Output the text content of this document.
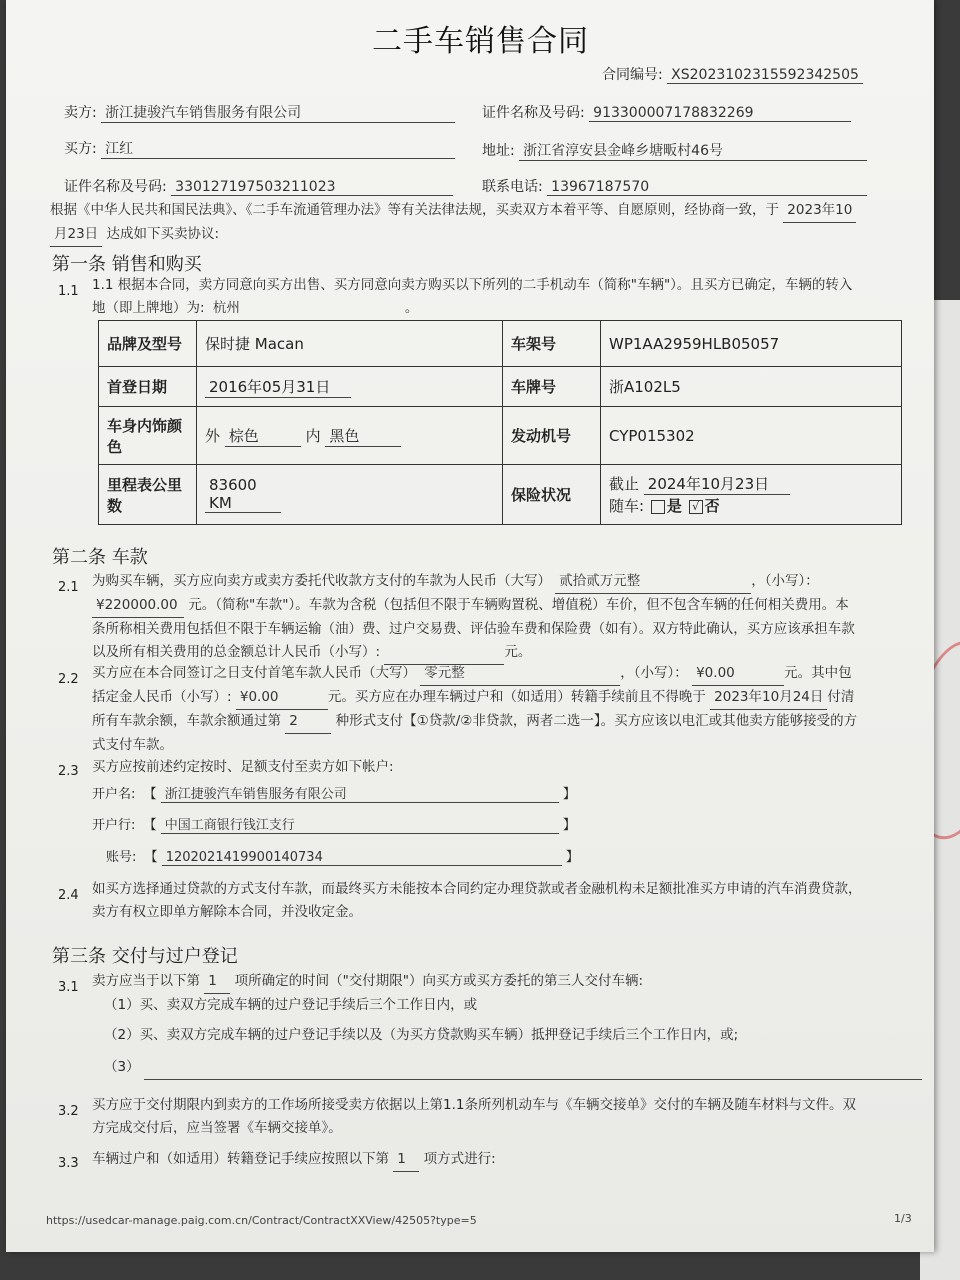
二手车销售合同
合同编号: XS20231023155923425​05
卖方: 浙江捷骏汽车销售服务有限公司	证件名称及号码: 913300007178832269
买方: 江红	地址: 浙江省淳安县金峰乡塘畈村46号
证件名称及号码: 330127197503211023	联系电话: 13967187570
根据《中华人民共和国民法典》、《二手车流通管理办法》等有关法律法规，买卖双方本着平等、自愿原则，经协商一致，于 2023年10
月23日 达成如下买卖协议:
第一条 销售和购买
1.1 1.1 根据本合同，卖方同意向买方出售、买方同意向卖方购买以下所列的二手机动车（简称"车辆"）。且买方已确定，车辆的转入
地（即上牌地）为: 杭州	。
品牌及型号	保时捷 Macan	车架号	WP1AA2959HLB05057
首登日期	2016年05月31日	车牌号	浙A102L5
车身内饰颜色	外 棕色 内 黑色	发动机号	CYP015302
里程表公里数	83600 KM	保险状况	截止 2024年10月23日
随车: 是 √ 否
第二条 车款
2.1 为购买车辆，买方应向卖方或卖方委托代收款方支付的车款为人民币（大写） 贰拾贰万元整	，（小写）：
¥220000.00 元。（简称"车款"）。车款为含税（包括但不限于车辆购置税、增值税）车价，但不包含车辆的任何相关费用。本
条所称相关费用包括但不限于车辆运输（油）费、过户交易费、评估验车费和保险费（如有）。双方特此确认，买方应该承担车款
以及所有相关费用的总金额总计人民币（小写）:	元。
2.2 买方应在本合同签订之日支付首笔车款人民币（大写） 零元整	，（小写）： ¥0.00	元。其中包
括定金人民币（小写）: ¥0.00	元。买方应在办理车辆过户和（如适用）转籍手续前且不得晚于 2023年10月24日 付清
所有车款余额，车款余额通过第 2	种形式支付【①贷款/②非贷款，两者二选一】。买方应该以电汇或其他卖方能够接受的方
式支付车款。
2.3 买方应按前述约定按时、足额支付至卖方如下帐户:
开户名: 【 浙江捷骏汽车销售服务有限公司	】
开户行: 【 中国工商银行钱江支行	】
账号: 【 1202021419900140734	】
2.4 如买方选择通过贷款的方式支付车款，而最终买方未能按本合同约定办理贷款或者金融机构未足额批准买方申请的汽车消费贷款，
卖方有权立即单方解除本合同，并没收定金。
第三条 交付与过户登记
3.1 卖方应当于以下第 1 项所确定的时间（"交付期限"）向买方或买方委托的第三人交付车辆:
（1）买、卖双方完成车辆的过户登记手续后三个工作日内，或
（2）买、卖双方完成车辆的过户登记手续以及（为买方贷款购买车辆）抵押登记手续后三个工作日内，或;
（3）
3.2 买方应于交付期限内到卖方的工作场所接受卖方依据以上第1.1条所列机动车与《车辆交接单》交付的车辆及随车材料与文件。双
方完成交付后，应当签署《车辆交接单》。
3.3 车辆过户和（如适用）转籍登记手续应按照以下第 1 项方式进行:
https://usedcar-manage.paig.com.cn/Contract/ContractXXView/42505?type=5	1/3
